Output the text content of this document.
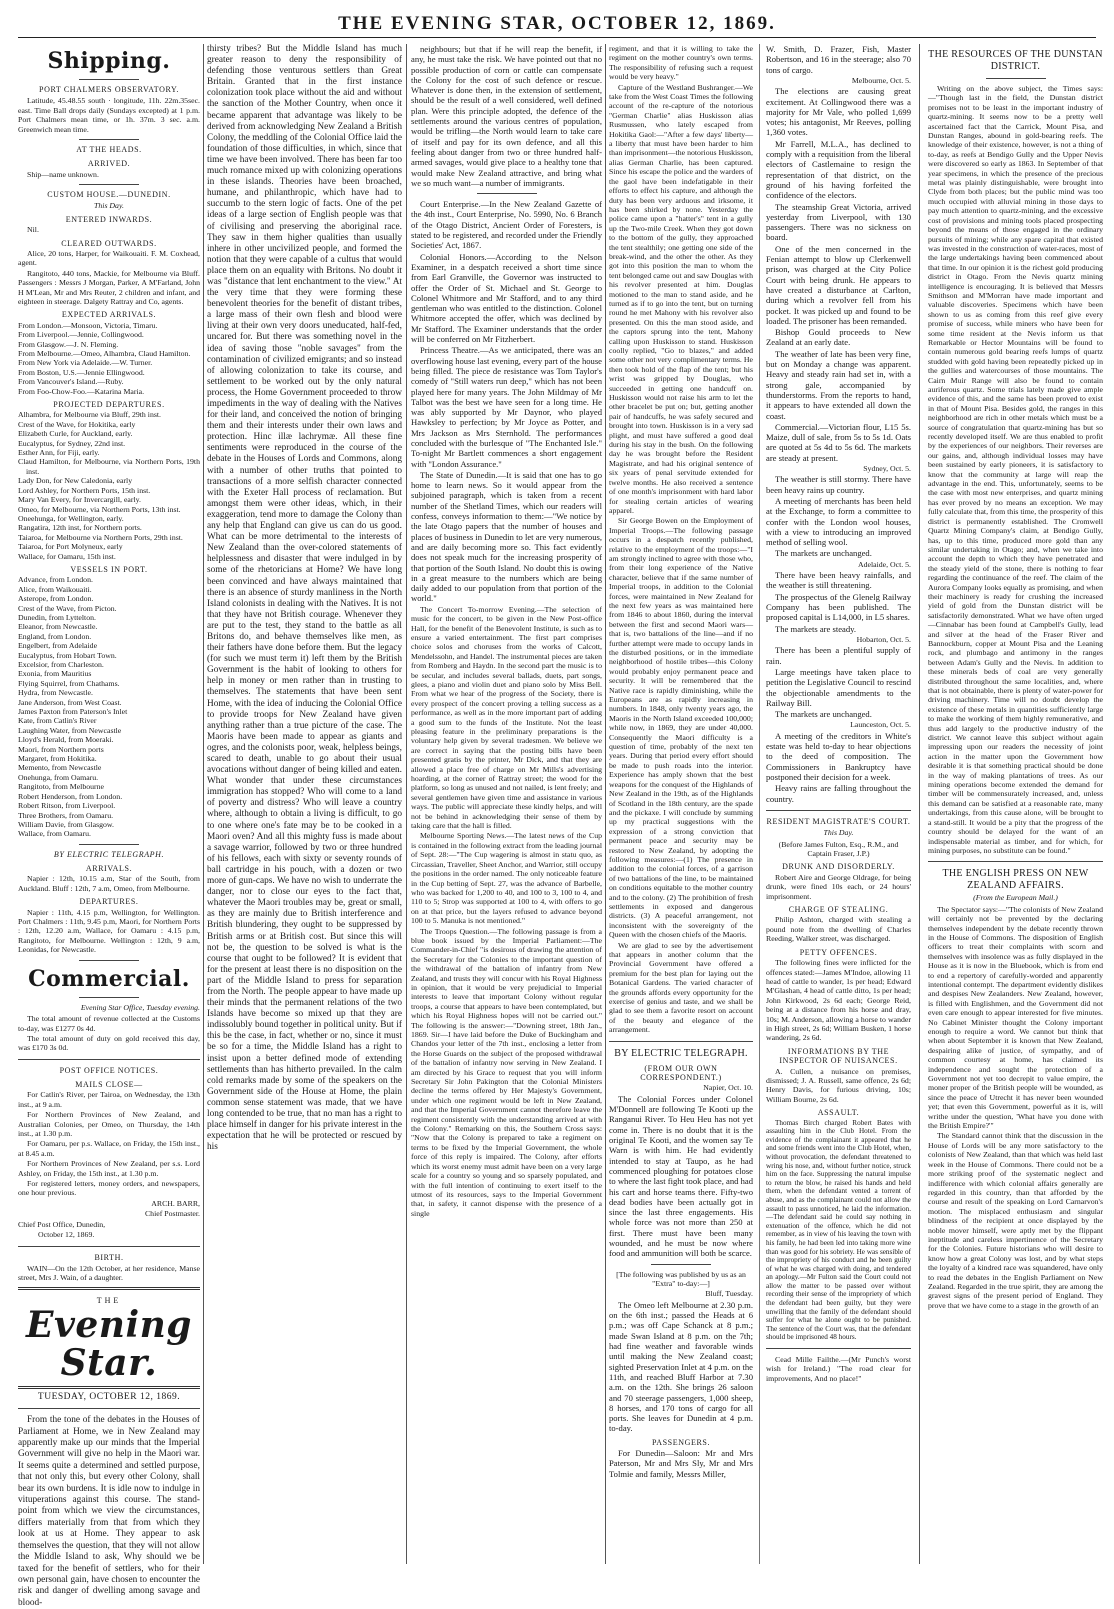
THE EVENING STAR, OCTOBER 12, 1869.
Shipping.
PORT CHALMERS OBSERVATORY.

Latitude, 45.48.55 south · longitude, 11h. 22m.35sec. east. Time Ball drops daily (Sundays excepted) at 1 p.m. Port Chalmers mean time, or 1h. 37m. 3 sec. a.m. Greenwich mean time.

AT THE HEADS.
ARRIVED.

Ship—name unknown.

CUSTOM HOUSE.—DUNEDIN.
This Day.
ENTERED INWARDS.

Nil.

CLEARED OUTWARDS.

Alice, 20 tons, Harper, for Waikouaiti. F. M. Coxhead, agent.

Rangitoto, 440 tons, Mackie, for Melbourne via Bluff. Passengers : Messrs J Morgan, Parker, A M'Farland, John H M'Lean, Mr and Mrs Reuter, 2 children and infant, and eighteen in steerage. Dalgety Rattray and Co, agents.

EXPECTED ARRIVALS.
From London.—Monsoon, Victoria, Timaru.
From Liverpool.—Jennie, Collingwood.
From Glasgow.—J. N. Fleming.
From Melbourne.—Omeo, Alhambra, Claud Hamilton.
From New York via Adelaide.—W. Turner.
From Boston, U.S.—Jennie Ellingwood.
From Vancouver's Island.—Ruby.
From Foo-Chow-Foo.—Katarina Maria.
PROJECTED DEPARTURES.
Alhambra, for Melbourne via Bluff, 29th inst.
Crest of the Wave, for Hokitika, early
Elizabeth Curle, for Auckland, early.
Eucalyptus, for Sydney, 22nd inst.
Esther Ann, for Fiji, early.
Claud Hamilton, for Melbourne, via Northern Ports, 19th inst.
Lady Don, for New Caledonia, early
Lord Ashley, for Northern Ports, 15th inst.
Mary Van Every, for Invercargill, early.
Omeo, for Melbourne, via Northern Ports, 13th inst.
Oneehunga, for Wellington, early.
Rangatira, 12th inst, for Northern ports.
Taiaroa, for Melbourne via Northern Ports, 29th inst.
Taiaroa, for Port Molyneux, early
Wallace, for Oamaru, 15th inst.
VESSELS IN PORT.
Advance, from London.
Alice, from Waikouaiti.
Asterope, from London.
Crest of the Wave, from Picton.
Dunedin, from Lyttelton.
Eleanor, from Newcastle.
England, from London.
Engelbert, from Adelaide
Eucalyptus, from Hobart Town.
Excelsior, from Charleston.
Exonia, from Mauritius
Flying Squirrel, from Chathams.
Hydra, from Newcastle.
Jane Anderson, from West Coast.
James Paxton from Paterson's Inlet
Kate, from Catlin's River
Laughing Water, from Newcastle
Lloyd's Herald, from Moeraki.
Maori, from Northern ports
Margaret, from Hokitika.
Memento, from Newcastle
Onehunga, from Oamaru.
Rangitoto, from Melbourne
Robert Henderson, from London.
Robert Ritson, from Liverpool.
Three Brothers, from Oamaru.
William Davie, from Glasgow.
Wallace, from Oamaru.
BY ELECTRIC TELEGRAPH.
ARRIVALS.

Napier : 12th, 10.15 a.m, Star of the South, from Auckland. Bluff : 12th, 7 a.m, Omeo, from Melbourne.

DEPARTURES.

Napier : 11th, 4.15 p.m, Wellington, for Wellington. Port Chalmers : 11th, 9.45 p.m, Maori, for Northern Ports : 12th, 12.20 a.m, Wallace, for Oamaru : 4.15 p.m, Rangitoto, for Melbourne. Wellington : 12th, 9 a.m, Leonidas, for Newcastle.

Commercial.
Evening Star Office, Tuesday evening.

The total amount of revenue collected at the Customs to-day, was £1277 0s 4d.

The total amount of duty on gold received this day, was £170 3s 0d.

POST OFFICE NOTICES.
MAILS CLOSE—

For Catlin's River, per Tairoa, on Wednesday, the 13th inst., at 9 a.m.

For Northern Provinces of New Zealand, and Australian Colonies, per Omeo, on Thursday, the 14th inst., at 1.30 p.m.

For Oamaru, per p.s. Wallace, on Friday, the 15th inst., at 8.45 a.m.

For Northern Provinces of New Zealand, per s.s. Lord Ashley, on Friday, the 15th inst., at 1.30 p.m.

For registered letters, money orders, and newspapers, one hour previous.

ARCH. BARR,

Chief Postmaster.

Chief Post Office, Dunedin,

October 12, 1869.

BIRTH.

WAIN—On the 12th October, at her residence, Manse street, Mrs J. Wain, of a daughter.

THE
Evening Star.
TUESDAY, OCTOBER 12, 1869.

From the tone of the debates in the Houses of Parliament at Home, we in New Zealand may apparently make up our minds that the Imperial Government will give no help in the Maori war. It seems quite a determined and settled purpose, that not only this, but every other Colony, shall bear its own burdens. It is idle now to indulge in vituperations against this course. The stand-point from which we view the circumstances, differs materially from that from which they look at us at Home. They appear to ask themselves the question, that they will not allow the Middle Island to ask, Why should we be taxed for the benefit of settlers, who for their own personal gain, have chosen to encounter the risk and danger of dwelling among savage and blood-

thirsty tribes? But the Middle Island has much greater reason to deny the responsibility of defending those venturous settlers than Great Britain. Granted that in the first instance colonization took place without the aid and without the sanction of the Mother Country, when once it became apparent that advantage was likely to be derived from acknowledging New Zealand a British Colony, the meddling of the Colonial Office laid the foundation of those difficulties, in which, since that time we have been involved. There has been far too much romance mixed up with colonizing operations in these islands. Theories have been broached, humane, and philanthropic, which have had to succumb to the stern logic of facts. One of the pet ideas of a large section of English people was that of civilising and preserving the aboriginal race. They saw in them higher qualities than usually inhere in other uncivilized people, and formed the notion that they were capable of a cultus that would place them on an equality with Britons. No doubt it was "distance that lent enchantment to the view." At the very time that they were forming these benevolent theories for the benefit of distant tribes, a large mass of their own flesh and blood were living at their own very doors uneducated, half-fed, uncared for. But there was something novel in the idea of saving those "noble savages" from the contamination of civilized emigrants; and so instead of allowing colonization to take its course, and settlement to be worked out by the only natural process, the Home Government proceeded to throw impediments in the way of dealing with the Natives for their land, and conceived the notion of bringing them and their interests under their own laws and protection. Hinc illæ lachrymæ. All these fine sentiments were reproduced in the course of the debate in the Houses of Lords and Commons, along with a number of other truths that pointed to transactions of a more selfish character connected with the Exeter Hall process of reclamation. But amongst them were other ideas, which, in their exaggeration, tend more to damage the Colony than any help that England can give us can do us good. What can be more detrimental to the interests of New Zealand than the over-colored statements of helplessness and disaster that were indulged in by some of the rhetoricians at Home? We have long been convinced and have always maintained that there is an absence of sturdy manliness in the North Island colonists in dealing with the Natives. It is not that they have not British courage. Whenever they are put to the test, they stand to the battle as all Britons do, and behave themselves like men, as their fathers have done before them. But the legacy (for such we must term it) left them by the British Government is the habit of looking to others for help in money or men rather than in trusting to themselves. The statements that have been sent Home, with the idea of inducing the Colonial Office to provide troops for New Zealand have given anything rather than a true picture of the case. The Maoris have been made to appear as giants and ogres, and the colonists poor, weak, helpless beings, scared to death, unable to go about their usual avocations without danger of being killed and eaten. What wonder that under these circumstances immigration has stopped? Who will come to a land of poverty and distress? Who will leave a country where, although to obtain a living is difficult, to go to one where one's fate may be to be cooked in a Maori oven? And all this mighty fuss is made about a savage warrior, followed by two or three hundred of his fellows, each with sixty or seventy rounds of ball cartridge in his pouch, with a dozen or two more of gun-caps. We have no wish to underrate the danger, nor to close our eyes to the fact that, whatever the Maori troubles may be, great or small, as they are mainly due to British interference and British blundering, they ought to be suppressed by British arms or at British cost. But since this will not be, the question to be solved is what is the course that ought to be followed? It is evident that for the present at least there is no disposition on the part of the Middle Island to press for separation from the North. The people appear to have made up their minds that the permanent relations of the two Islands have become so mixed up that they are indissolubly bound together in political unity. But if this be the case, in fact, whether or no, since it must be so for a time, the Middle Island has a right to insist upon a better defined mode of extending settlements than has hitherto prevailed. In the calm cold remarks made by some of the speakers on the Government side of the House at Home, the plain common sense statement was made, that we have long contended to be true, that no man has a right to place himself in danger for his private interest in the expectation that he will be protected or rescued by his

neighbours; but that if he will reap the benefit, if any, he must take the risk. We have pointed out that no possible production of corn or cattle can compensate the Colony for the cost of such defence or rescue. Whatever is done then, in the extension of settlement, should be the result of a well considered, well defined plan. Were this principle adopted, the defence of the settlements around the various centres of population, would be trifling—the North would learn to take care of itself and pay for its own defence, and all this feeling about danger from two or three hundred half-armed savages, would give place to a healthy tone that would make New Zealand attractive, and bring what we so much want—a number of immigrants.

Court Enterprise.—In the New Zealand Gazette of the 4th inst., Court Enterprise, No. 5990, No. 6 Branch of the Otago District, Ancient Order of Foresters, is stated to be registered, and recorded under the Friendly Societies' Act, 1867.

Colonial Honors.—According to the Nelson Examiner, in a despatch received a short time since from Earl Granville, the Governor was instructed to offer the Order of St. Michael and St. George to Colonel Whitmore and Mr Stafford, and to any third gentleman who was entitled to the distinction. Colonel Whitmore accepted the offer, which was declined by Mr Stafford. The Examiner understands that the order will be conferred on Mr Fitzherbert.

Princess Theatre.—As we anticipated, there was an overflowing house last evening, every part of the house being filled. The piece de resistance was Tom Taylor's comedy of "Still waters run deep," which has not been played here for many years. The John Mildmay of Mr Talbot was the best we have seen for a long time. He was ably supported by Mr Daynor, who played Hawksley to perfection; by Mr Joyce as Potter, and Mrs Jackson as Mrs Sternhold. The performances concluded with the burlesque of "The Enchanted Isle." To-night Mr Bartlett commences a short engagement with "London Assurance."

The State of Dunedin.—It is said that one has to go home to learn news. So it would appear from the subjoined paragraph, which is taken from a recent number of the Shetland Times, which our readers will confess, conveys information to them:—"We notice by the late Otago papers that the number of houses and places of business in Dunedin to let are very numerous, and are daily becoming more so. This fact evidently does not speak much for the increasing prosperity of that portion of the South Island. No doubt this is owing in a great measure to the numbers which are being daily added to our population from that portion of the world."

The Concert To-morrow Evening.—The selection of music for the concert, to be given in the New Post-office Hall, for the benefit of the Benevolent Institute, is such as to ensure a varied entertainment. The first part comprises choice solos and choruses from the works of Calcott, Mendelssohn, and Handel. The instrumental pieces are taken from Romberg and Haydn. In the second part the music is to be secular, and includes several ballads, duets, part songs, glees, a piano and violin duet and piano solo by Miss Bell. From what we hear of the progress of the Society, there is every prospect of the concert proving a telling success as a performance, as well as in the more important part of adding a good sum to the funds of the Institute. Not the least pleasing feature in the preliminary preparations is the voluntary help given by several tradesmen. We believe we are correct in saying that the posting bills have been presented gratis by the printer, Mr Dick, and that they are allowed a place free of charge on Mr Mills's advertising hoarding, at the corner of Rattray street; the wood for the platform, so long as unused and not nailed, is lent freely; and several gentlemen have given time and assistance in various ways. The public will appreciate these kindly helps, and will not be behind in acknowledging their sense of them by taking care that the hall is filled.

Melbourne Sporting News.—The latest news of the Cup is contained in the following extract from the leading journal of Sept. 28:—"The Cup wagering is almost in statu quo, as Circassian, Traveller, Sheet Anchor, and Warrior, still occupy the positions in the order named. The only noticeable feature in the Cup betting of Sept. 27, was the advance of Barbelle, who was backed for 1,200 to 40, and 100 to 3, 100 to 4, and 110 to 5; Strop was supported at 100 to 4, with offers to go on at that price, but the layers refused to advance beyond 100 to 5. Manuka is not mentioned."

The Troops Question.—The following passage is from a blue book issued by the Imperial Parliament:—The Commander-in-Chief "is desirous of drawing the attention of the Secretary for the Colonies to the important question of the withdrawal of the battalion of infantry from New Zealand, and trusts they will concur with his Royal Highness in opinion, that it would be very prejudicial to Imperial interests to leave that important Colony without regular troops, a course that appears to have been contemplated, but which his Royal Highness hopes will not be carried out." The following is the answer:—"Downing street, 18th Jan., 1869. Sir—I have laid before the Duke of Buckingham and Chandos your letter of the 7th inst., enclosing a letter from the Horse Guards on the subject of the proposed withdrawal of the battalion of infantry now serving in New Zealand. I am directed by his Grace to request that you will inform Secretary Sir John Pakington that the Colonial Ministers decline the terms offered by Her Majesty's Government, under which one regiment would be left in New Zealand, and that the Imperial Government cannot therefore leave the regiment consistently with the understanding arrived at with the Colony." Remarking on this, the Southern Cross says: "Now that the Colony is prepared to take a regiment on terms to be fixed by the Imperial Government, the whole force of this reply is impaired. The Colony, after efforts which its worst enemy must admit have been on a very large scale for a country so young and so sparsely populated, and with the full intention of continuing to exert itself to the utmost of its resources, says to the Imperial Government that, in safety, it cannot dispense with the presence of a single

regiment, and that it is willing to take the regiment on the mother country's own terms. The responsibility of refusing such a request would be very heavy."

Capture of the Westland Bushranger.—We take from the West Coast Times the following account of the re-capture of the notorious "German Charlie" alias Huskisson alias Rusmussen, who lately escaped from Hokitika Gaol:—"After a few days' liberty—a liberty that must have been harder to him than imprisonment—the notorious Huskisson, alias German Charlie, has been captured. Since his escape the police and the warders of the gaol have been indefatigable in their efforts to effect his capture, and although the duty has been very arduous and irksome, it has been shirked by none. Yesterday the police came upon a "hatter's" tent in a gully up the Two-mile Creek. When they got down to the bottom of the gully, they approached the tent stealthily; one getting one side of the break-wind, and the other the other. As they got into this position the man to whom the tent belonged came out and saw Douglas with his revolver presented at him. Douglas motioned to the man to stand aside, and he turned as if to go into the tent, but on turning round he met Mahony with his revolver also presented. On this the man stood aside, and the captors sprung into the tent, Mahony calling upon Huskisson to stand. Huskisson coolly replied, "Go to blazes," and added some other not very complimentary terms. He then took hold of the flap of the tent; but his wrist was gripped by Douglas, who succeeded in getting one handcuff on. Huskisson would not raise his arm to let the other bracelet be put on; but, getting another pair of handcuffs, he was safely secured and brought into town. Huskisson is in a very sad plight, and must have suffered a good deal during his stay in the bush. On the following day he was brought before the Resident Magistrate, and had his original sentence of six years of penal servitude extended for twelve months. He also received a sentence of one month's imprisonment with hard labor for stealing certain articles of wearing apparel.

Sir George Bowen on the Employment of Imperial Troops.—The following passage occurs in a despatch recently published, relative to the employment of the troops:—"I am strongly inclined to agree with those who, from their long experience of the Native character, believe that if the same number of Imperial troops, in addition to the Colonial forces, were maintained in New Zealand for the next few years as was maintained here from 1846 to about 1860, during the interval between the first and second Maori wars—that is, two battalions of the line—and if no further attempt were made to occupy lands in the disturbed positions, or in the immediate neighborhood of hostile tribes—this Colony would probably enjoy permanent peace and security. It will be remembered that the Native race is rapidly diminishing, while the Europeans are as rapidly increasing in numbers. In 1848, only twenty years ago, the Maoris in the North Island exceeded 100,000; while now, in 1869, they are under 40,000. Consequently the Maori difficulty is a question of time, probably of the next ten years. During that period every effort should be made to push roads into the interior. Experience has amply shown that the best weapons for the conquest of the Highlands of New Zealand in the 19th, as of the Highlands of Scotland in the 18th century, are the spade and the pickaxe. I will conclude by summing up my practical suggestions with the expression of a strong conviction that permanent peace and security may be restored to New Zealand, by adopting the following measures:—(1) The presence in addition to the colonial forces, of a garrison of two battalions of the line, to be maintained on conditions equitable to the mother country and to the colony. (2) The prohibition of fresh settlements in exposed and dangerous districts. (3) A peaceful arrangement, not inconsistent with the sovereignty of the Queen with the chosen chiefs of the Maoris.

We are glad to see by the advertisement that appears in another column that the Provincial Government have offered a premium for the best plan for laying out the Botanical Gardens. The varied character of the grounds affords every opportunity for the exercise of genius and taste, and we shall be glad to see them a favorite resort on account of the beauty and elegance of the arrangement.

BY ELECTRIC TELEGRAPH.
(FROM OUR OWN CORRESPONDENT.)

Napier, Oct. 10.

The Colonial Forces under Colonel M'Donnell are following Te Kooti up the Ranganui River. To Heu Heu has not yet come in. There is no doubt that it is the original Te Kooti, and the women say Te Warn is with him. He had evidently intended to stay at Taupo, as he had commenced ploughing for potatoes close to where the last fight took place, and had his cart and horse teams there. Fifty-two dead bodies have been actually got in since the last three engagements. His whole force was not more than 250 at first. There must have been many wounded, and he must be now where food and ammunition will both be scarce.

[The following was published by us as an "Extra" to-day:—]

Bluff, Tuesday.

The Omeo left Melbourne at 2.30 p.m. on the 6th inst.; passed the Heads at 6 p.m.; was off Cape Schanck at 8 p.m.; made Swan Island at 8 p.m. on the 7th; had fine weather and favorable winds until making the New Zealand coast; sighted Preservation Inlet at 4 p.m. on the 11th, and reached Bluff Harbor at 7.30 a.m. on the 12th. She brings 26 saloon and 70 steerage passengers, 1,000 sheep, 8 horses, and 170 tons of cargo for all ports. She leaves for Dunedin at 4 p.m. to-day.

PASSENGERS.

For Dunedin—Saloon: Mr and Mrs Paterson, Mr and Mrs Sly, Mr and Mrs Tolmie and family, Messrs Miller,

W. Smith, D. Frazer, Fish, Master Robertson, and 16 in the steerage; also 70 tons of cargo.

Melbourne, Oct. 5.

The elections are causing great excitement. At Collingwood there was a majority for Mr Vale, who polled 1,699 votes; his antagonist, Mr Reeves, polling 1,360 votes.

Mr Farrell, M.L.A., has declined to comply with a requisition from the liberal electors of Castlemaine to resign the representation of that district, on the ground of his having forfeited the confidence of the electors.

The steamship Great Victoria, arrived yesterday from Liverpool, with 130 passengers. There was no sickness on board.

One of the men concerned in the Fenian attempt to blow up Clerkenwell prison, was charged at the City Police Court with being drunk. He appears to have created a disturbance at Carlton, during which a revolver fell from his pocket. It was picked up and found to be loaded. The prisoner has been remanded.

Bishop Gould proceeds to New Zealand at an early date.

The weather of late has been very fine, but on Monday a change was apparent. Heavy and steady rain had set in, with a strong gale, accompanied by thunderstorms. From the reports to hand, it appears to have extended all down the coast.

Commercial.—Victorian flour, L15 5s. Maize, dull of sale, from 5s to 5s 1d. Oats are quoted at 5s 4d to 5s 6d. The markets are steady at present.

Sydney, Oct. 5.

The weather is still stormy. There have been heavy rains up country.

A meeting of merchants has been held at the Exchange, to form a committee to confer with the London wool houses, with a view to introducing an improved method of selling wool.

The markets are unchanged.

Adelaide, Oct. 5.

There have been heavy rainfalls, and the weather is still threatening.

The prospectus of the Glenelg Railway Company has been published. The proposed capital is L14,000, in L5 shares.

The markets are steady.

Hobarton, Oct. 5.

There has been a plentiful supply of rain.

Large meetings have taken place to petition the Legislative Council to rescind the objectionable amendments to the Railway Bill.

The markets are unchanged.

Launceston, Oct. 5.

A meeting of the creditors in White's estate was held to-day to hear objections to the deed of composition. The Commissioners in Bankruptcy have postponed their decision for a week.

Heavy rains are falling throughout the country.

RESIDENT MAGISTRATE'S COURT.
This Day.

(Before James Fulton, Esq., R.M., and Captain Fraser, J.P.)

DRUNK AND DISORDERLY.

Robert Aire and George Oldrage, for being drunk, were fined 10s each, or 24 hours' imprisonment.

CHARGE OF STEALING.

Philip Ashton, charged with stealing a pound note from the dwelling of Charles Reeding, Walker street, was discharged.

PETTY OFFENCES.

The following fines were inflicted for the offences stated:—James M'Indoe, allowing 11 head of cattle to wander, 1s per head; Edward M'Glashan, 4 head of cattle ditto, 1s per head; John Kirkwood, 2s 6d each; George Reid, being at a distance from his horse and dray, 10s; M. Anderson, allowing a horse to wander in High street, 2s 6d; William Busken, 1 horse wandering, 2s 6d.

INFORMATIONS BY THE INSPECTOR OF NUISANCES.

A. Cullen, a nuisance on premises, dismissed; J. A. Russell, same offence, 2s 6d; Henry Davis, for furious driving, 10s; William Bourne, 2s 6d.

ASSAULT.

Thomas Birch charged Robert Bates with assaulting him in the Club Hotel. From the evidence of the complainant it appeared that he and some friends went into the Club Hotel, when, without provocation, the defendant threatened to wring his nose, and, without further notice, struck him on the face. Suppressing the natural impulse to return the blow, he raised his hands and held them, when the defendant vented a torrent of abuse, and as the complainant could not allow the assault to pass unnoticed, he laid the information.—The defendant said he could say nothing in extenuation of the offence, which he did not remember, as in view of his leaving the town with his family, he had been led into taking more wine than was good for his sobriety. He was sensible of the impropriety of his conduct and he been guilty of what he was charged with doing, and tendered an apology.—Mr Fulton said the Court could not allow the matter to be passed over without recording their sense of the impropriety of which the defendant had been guilty, but they were unwilling that the family of the defendant should suffer for what he alone ought to be punished. The sentence of the Court was, that the defendant should be imprisoned 48 hours.

Cead Mille Failthe.—(Mr Punch's worst wish for Ireland.) "The road clear for improvements, And no place!"

THE RESOURCES OF THE DUNSTAN DISTRICT.

Writing on the above subject, the Times says:—"Though last in the field, the Dunstan district promises not to be least in the important industry of quartz-mining. It seems now to be a pretty well ascertained fact that the Carrick, Mount Pisa, and Dunstan Ranges, abound in gold-bearing reefs. The knowledge of their existence, however, is not a thing of to-day, as reefs at Bendigo Gully and the Upper Nevis were discovered so early as 1863. In September of that year specimens, in which the presence of the precious metal was plainly distinguishable, were brought into Clyde from both places; but the public mind was too much occupied with alluvial mining in those days to pay much attention to quartz-mining, and the excessive cost of provisions and mining tools placed prospecting beyond the means of those engaged in the ordinary pursuits of mining; while any spare capital that existed was invested in the construction of water-races, most of the large undertakings having been commenced about that time. In our opinion it is the richest gold producing district in Otago. From the Nevis quartz mining intelligence is encouraging. It is believed that Messrs Smithson and M'Morran have made important and valuable discoveries. Specimens which have been shown to us as coming from this reef give every promise of success, while miners who have been for some time resident at the Nevis inform us that Remarkable or Hector Mountains will be found to contain numerous gold bearing reefs lumps of quartz studded with gold having been repeatedly picked up in the gullies and watercourses of those mountains. The Cairn Muir Range will also be found to contain auriferous quartz. Some trials lately made give ample evidence of this, and the same has been proved to exist in that of Mount Pisa. Besides gold, the ranges in this neighborhood are rich in other metals which must be a source of congratulation that quartz-mining has but so recently developed itself. We are thus enabled to profit by the experiences of our neighbors. Their reverses are our gains, and, although individual losses may have been sustained by early pioneers, it is satisfactory to know that the community at large will reap the advantage in the end. This, unfortunately, seems to be the case with most new enterprises, and quartz mining has ever proved by no means an exception. We may fully calculate that, from this time, the prosperity of this district is permanently established. The Cromwell Quartz Mining Company's claim, at Bendigo Gully, has, up to this time, produced more gold than any similar undertaking in Otago; and, when we take into account the depth to which they have penetrated and the steady yield of the stone, there is nothing to fear regarding the continuance of the reef. The claim of the Aurora Company looks equally as promising, and when their machinery is ready for crushing the increased yield of gold from the Dunstan district will be satisfactorily demonstrated. What we have often urged—Cinnabar has been found at Campbell's Gully, lead and silver at the head of the Fraser River and Bannockburn, copper at Mount Pisa and the Leaning rock, and plumbago and antimony in the ranges between Adam's Gully and the Nevis. In addition to these minerals beds of coal are very generally distributed throughout the same localities, and, where that is not obtainable, there is plenty of water-power for driving machinery. Time will no doubt develop the existence of these metals in quantities sufficiently large to make the working of them highly remunerative, and thus add largely to the productive industry of the district. We cannot leave this subject without again impressing upon our readers the necessity of joint action in the matter upon the Government how desirable it is that something practical should be done in the way of making plantations of trees. As our mining operations become extended the demand for timber will be commensurately increased, and, unless this demand can be satisfied at a reasonable rate, many undertakings, from this cause alone, will be brought to a stand-still. It would be a pity that the progress of the country should be delayed for the want of an indispensable material as timber, and for which, for mining purposes, no substitute can be found."

THE ENGLISH PRESS ON NEW ZEALAND AFFAIRS.
(From the European Mail.)

The Spectator says:—"The colonists of New Zealand will certainly not be prevented by the declaring themselves independent by the debate recently thrown in the House of Commons. The disposition of English officers to treat their complaints with scorn and themselves with insolence was as fully displayed in the House as it is now in the Bluebook, which is from end to end a repertory of carefully-worded and apparently intentional contempt. The department evidently dislikes and despises New Zealanders. New Zealand, however, is filled with Englishmen, and the Government did not even care enough to appear interested for five minutes. No Cabinet Minister thought the Colony important enough to require a word. We cannot but think that when about September it is known that New Zealand, despairing alike of justice, of sympathy, and of common courtesy at home, has claimed its independence and sought the protection of a Government not yet too decrepit to value empire, the moner proper of the British people will be wounded, as since the peace of Utrecht it has never been wounded yet; that even this Government, powerful as it is, will writhe under the question, 'What have you done with the British Empire?'"

The Standard cannot think that the discussion in the House of Lords will be any more satisfactory to the colonists of New Zealand, than that which was held last week in the House of Commons. There could not be a more striking proof of the systematic neglect and indifference with which colonial affairs generally are regarded in this country, than that afforded by the course and result of the speaking on Lord Carnarvon's motion. The misplaced enthusiasm and singular blindness of the recipient at once displayed by the noble mover himself, were aptly met by the flippant ineptitude and careless impertinence of the Secretary for the Colonies. Future historians who will desire to know how a great Colony was lost, and by what steps the loyalty of a kindred race was squandered, have only to read the debates in the English Parliament on New Zealand. Regarded in the true spirit, they are among the gravest signs of the present period of England. They prove that we have come to a stage in the growth of an
